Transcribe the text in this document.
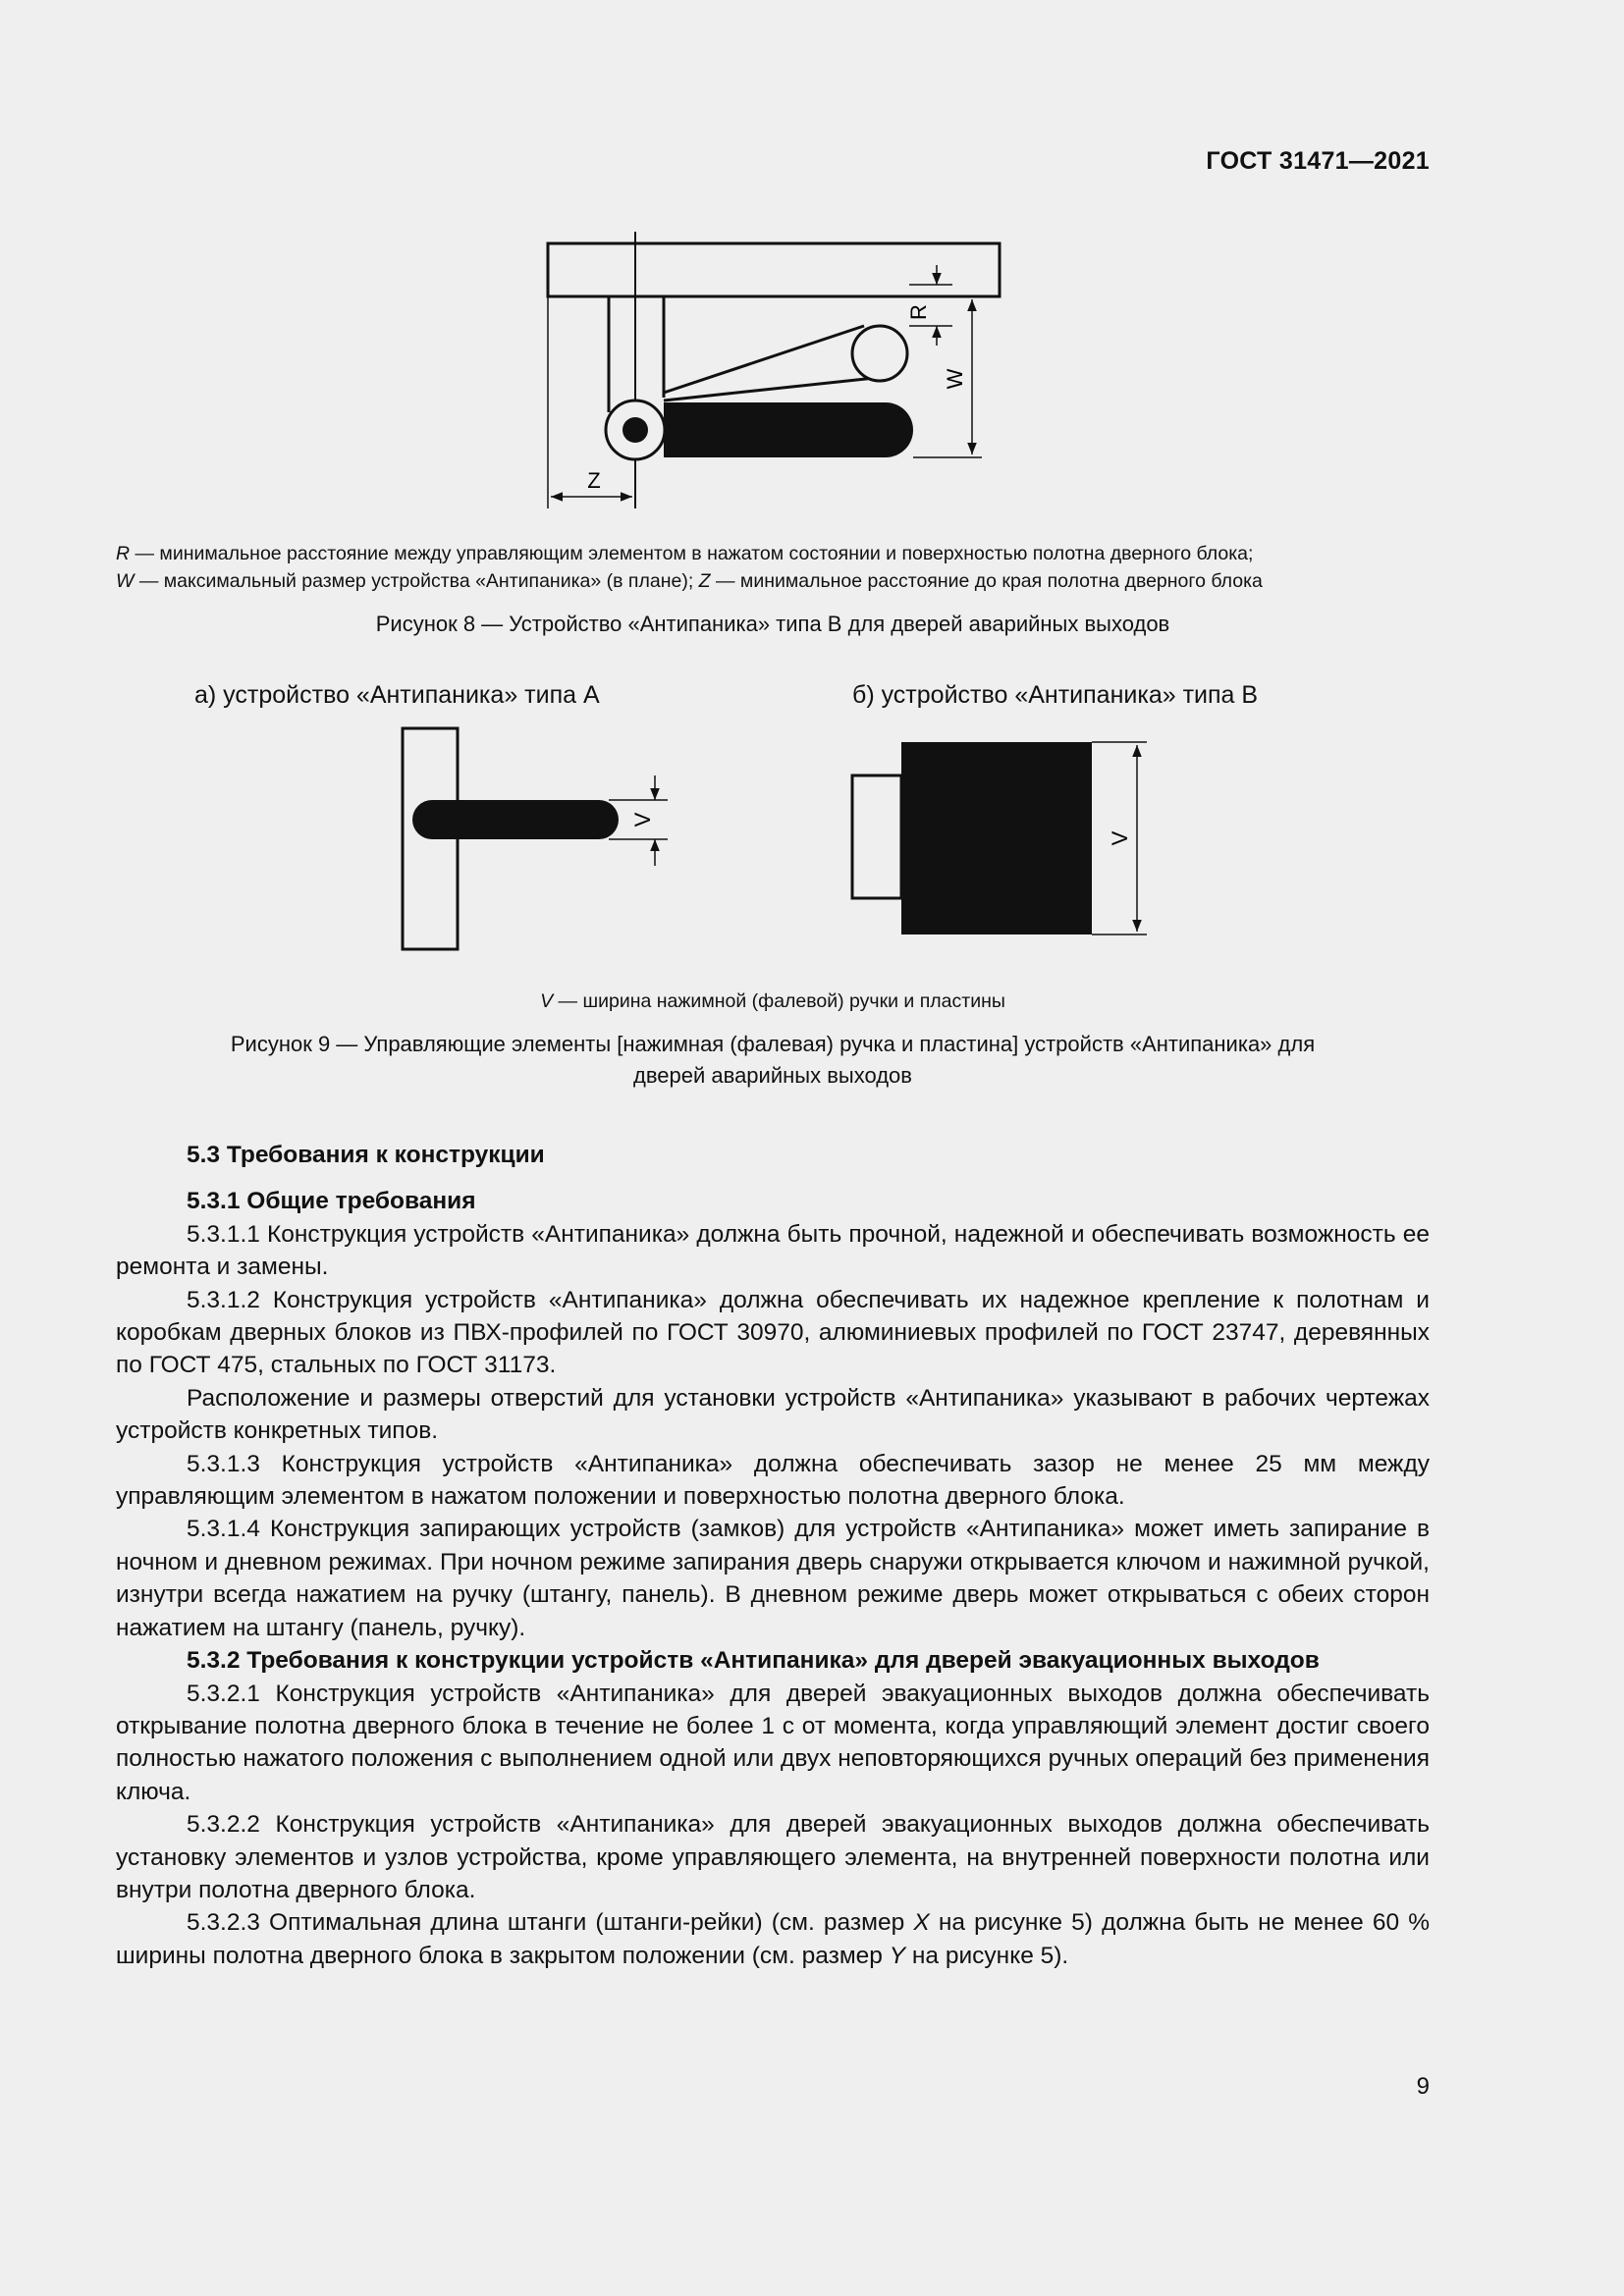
ГОСТ 31471—2021
R
W
Z
R — минимальное расстояние между управляющим элементом в нажатом состоянии и поверхностью полотна дверного блока;
W — максимальный размер устройства «Антипаника» (в плане); Z — минимальное расстояние до края полотна дверного блока
Рисунок 8 — Устройство «Антипаника» типа В для дверей аварийных выходов
а) устройство «Антипаника» типа А	б) устройство «Антипаника» типа В
V
V
V — ширина нажимной (фалевой) ручки и пластины
Рисунок 9 — Управляющие элементы [нажимная (фалевая) ручка и пластина] устройств «Антипаника» для
дверей аварийных выходов
5.3 Требования к конструкции
5.3.1 Общие требования

5.3.1.1 Конструкция устройств «Антипаника» должна быть прочной, надежной и обеспечивать возможность ее ремонта и замены.

5.3.1.2 Конструкция устройств «Антипаника» должна обеспечивать их надежное крепление к полотнам и коробкам дверных блоков из ПВХ-профилей по ГОСТ 30970, алюминиевых профилей по ГОСТ 23747, деревянных по ГОСТ 475, стальных по ГОСТ 31173.

Расположение и размеры отверстий для установки устройств «Антипаника» указывают в рабочих чертежах устройств конкретных типов.

5.3.1.3 Конструкция устройств «Антипаника» должна обеспечивать зазор не менее 25 мм между управляющим элементом в нажатом положении и поверхностью полотна дверного блока.

5.3.1.4 Конструкция запирающих устройств (замков) для устройств «Антипаника» может иметь запирание в ночном и дневном режимах. При ночном режиме запирания дверь снаружи открывается ключом и нажимной ручкой, изнутри всегда нажатием на ручку (штангу, панель). В дневном режиме дверь может открываться с обеих сторон нажатием на штангу (панель, ручку).

5.3.2 Требования к конструкции устройств «Антипаника» для дверей эвакуационных выходов

5.3.2.1 Конструкция устройств «Антипаника» для дверей эвакуационных выходов должна обеспечивать открывание полотна дверного блока в течение не более 1 с от момента, когда управляющий элемент достиг своего полностью нажатого положения с выполнением одной или двух неповторяющихся ручных операций без применения ключа.

5.3.2.2 Конструкция устройств «Антипаника» для дверей эвакуационных выходов должна обеспечивать установку элементов и узлов устройства, кроме управляющего элемента, на внутренней поверхности полотна или внутри полотна дверного блока.

5.3.2.3 Оптимальная длина штанги (штанги-рейки) (см. размер X на рисунке 5) должна быть не менее 60 % ширины полотна дверного блока в закрытом положении (см. размер Y на рисунке 5).

9
